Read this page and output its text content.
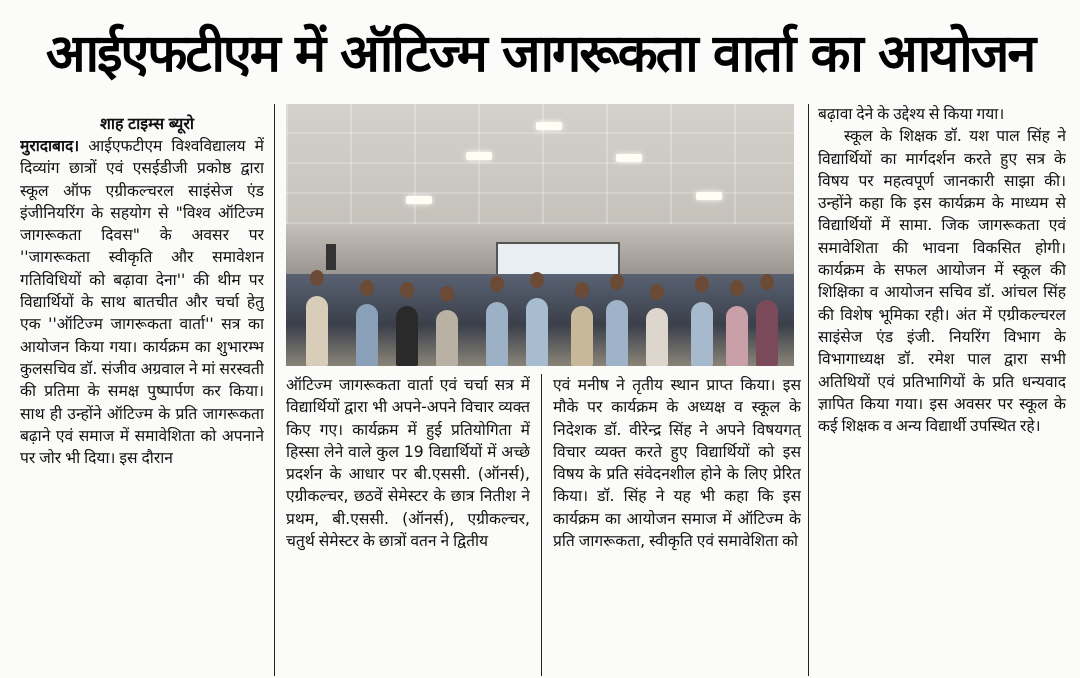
आईएफटीएम में ऑटिज्म जागरूकता वार्ता का आयोजन
शाह टाइम्स ब्यूरो

मुरादाबाद। आईएफटीएम विश्वविद्यालय में दिव्यांग छात्रों एवं एसईडीजी प्रकोष्ठ द्वारा स्कूल ऑफ एग्रीकल्चरल साइंसेज एंड इंजीनियरिंग के सहयोग से "विश्व ऑटिज्म जागरूकता दिवस" के अवसर पर ''जागरूकता स्वीकृति और समावेशन गतिविधियों को बढ़ावा देना'' की थीम पर विद्यार्थियों के साथ बातचीत और चर्चा हेतु एक ''ऑटिज्म जागरूकता वार्ता'' सत्र का आयोजन किया गया। कार्यक्रम का शुभारम्भ कुलसचिव डॉ. संजीव अग्रवाल ने मां सरस्वती की प्रतिमा के समक्ष पुष्पार्पण कर किया। साथ ही उन्होंने ऑटिज्म के प्रति जागरूकता बढ़ाने एवं समाज में समावेशिता को अपनाने पर जोर भी दिया। इस दौरान

ऑटिज्म जागरूकता वार्ता एवं चर्चा सत्र में विद्यार्थियों द्वारा भी अपने-अपने विचार व्यक्त किए गए। कार्यक्रम में हुई प्रतियोगिता में हिस्सा लेने वाले कुल 19 विद्यार्थियों में अच्छे प्रदर्शन के आधार पर बी.एससी. (ऑनर्स), एग्रीकल्चर, छठवें सेमेस्टर के छात्र नितीश ने प्रथम, बी.एससी. (ऑनर्स), एग्रीकल्चर, चतुर्थ सेमेस्टर के छात्रों वतन ने द्वितीय

एवं मनीष ने तृतीय स्थान प्राप्त किया। इस मौके पर कार्यक्रम के अध्यक्ष व स्कूल के निदेशक डॉ. वीरेन्द्र सिंह ने अपने विषयगत् विचार व्यक्त करते हुए विद्यार्थियों को इस विषय के प्रति संवेदनशील होने के लिए प्रेरित किया। डॉ. सिंह ने यह भी कहा कि इस कार्यक्रम का आयोजन समाज में ऑटिज्म के प्रति जागरूकता, स्वीकृति एवं समावेशिता को

बढ़ावा देने के उद्देश्य से किया गया।

स्कूल के शिक्षक डॉ. यश पाल सिंह ने विद्यार्थियों का मार्गदर्शन करते हुए सत्र के विषय पर महत्वपूर्ण जानकारी साझा की। उन्होंने कहा कि इस कार्यक्रम के माध्यम से विद्यार्थियों में सामा. जिक जागरूकता एवं समावेशिता की भावना विकसित होगी। कार्यक्रम के सफल आयोजन में स्कूल की शिक्षिका व आयोजन सचिव डॉ. आंचल सिंह की विशेष भूमिका रही। अंत में एग्रीकल्चरल साइंसेज एंड इंजी. नियरिंग विभाग के विभागाध्यक्ष डॉ. रमेश पाल द्वारा सभी अतिथियों एवं प्रतिभागियों के प्रति धन्यवाद ज्ञापित किया गया। इस अवसर पर स्कूल के कई शिक्षक व अन्य विद्यार्थी उपस्थित रहे।
